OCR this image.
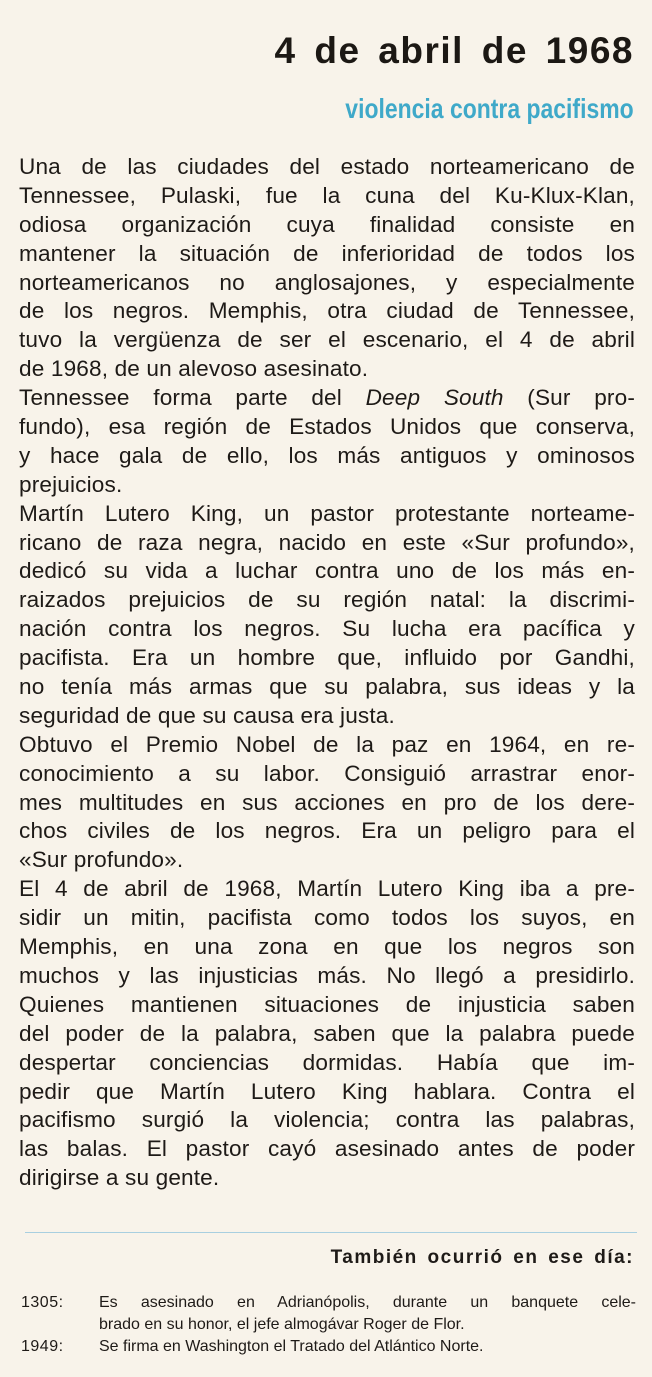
4 de abril de 1968
violencia contra pacifismo
Una de las ciudades del estado norteamericano de
Tennessee, Pulaski, fue la cuna del Ku-Klux-Klan,
odiosa organización cuya finalidad consiste en
mantener la situación de inferioridad de todos los
norteamericanos no anglosajones, y especialmente
de los negros. Memphis, otra ciudad de Tennessee,
tuvo la vergüenza de ser el escenario, el 4 de abril
de 1968, de un alevoso asesinato.
Tennessee forma parte del Deep South (Sur pro-
fundo), esa región de Estados Unidos que conserva,
y hace gala de ello, los más antiguos y ominosos
prejuicios.
Martín Lutero King, un pastor protestante norteame-
ricano de raza negra, nacido en este «Sur profundo»,
dedicó su vida a luchar contra uno de los más en-
raizados prejuicios de su región natal: la discrimi-
nación contra los negros. Su lucha era pacífica y
pacifista. Era un hombre que, influido por Gandhi,
no tenía más armas que su palabra, sus ideas y la
seguridad de que su causa era justa.
Obtuvo el Premio Nobel de la paz en 1964, en re-
conocimiento a su labor. Consiguió arrastrar enor-
mes multitudes en sus acciones en pro de los dere-
chos civiles de los negros. Era un peligro para el
«Sur profundo».
El 4 de abril de 1968, Martín Lutero King iba a pre-
sidir un mitin, pacifista como todos los suyos, en
Memphis, en una zona en que los negros son
muchos y las injusticias más. No llegó a presidirlo.
Quienes mantienen situaciones de injusticia saben
del poder de la palabra, saben que la palabra puede
despertar conciencias dormidas. Había que im-
pedir que Martín Lutero King hablara. Contra el
pacifismo surgió la violencia; contra las palabras,
las balas. El pastor cayó asesinado antes de poder
dirigirse a su gente.
También ocurrió en ese día:
1305:	Es asesinado en Adrianópolis, durante un banquete cele-
brado en su honor, el jefe almogávar Roger de Flor.
1949:	Se firma en Washington el Tratado del Atlántico Norte.
